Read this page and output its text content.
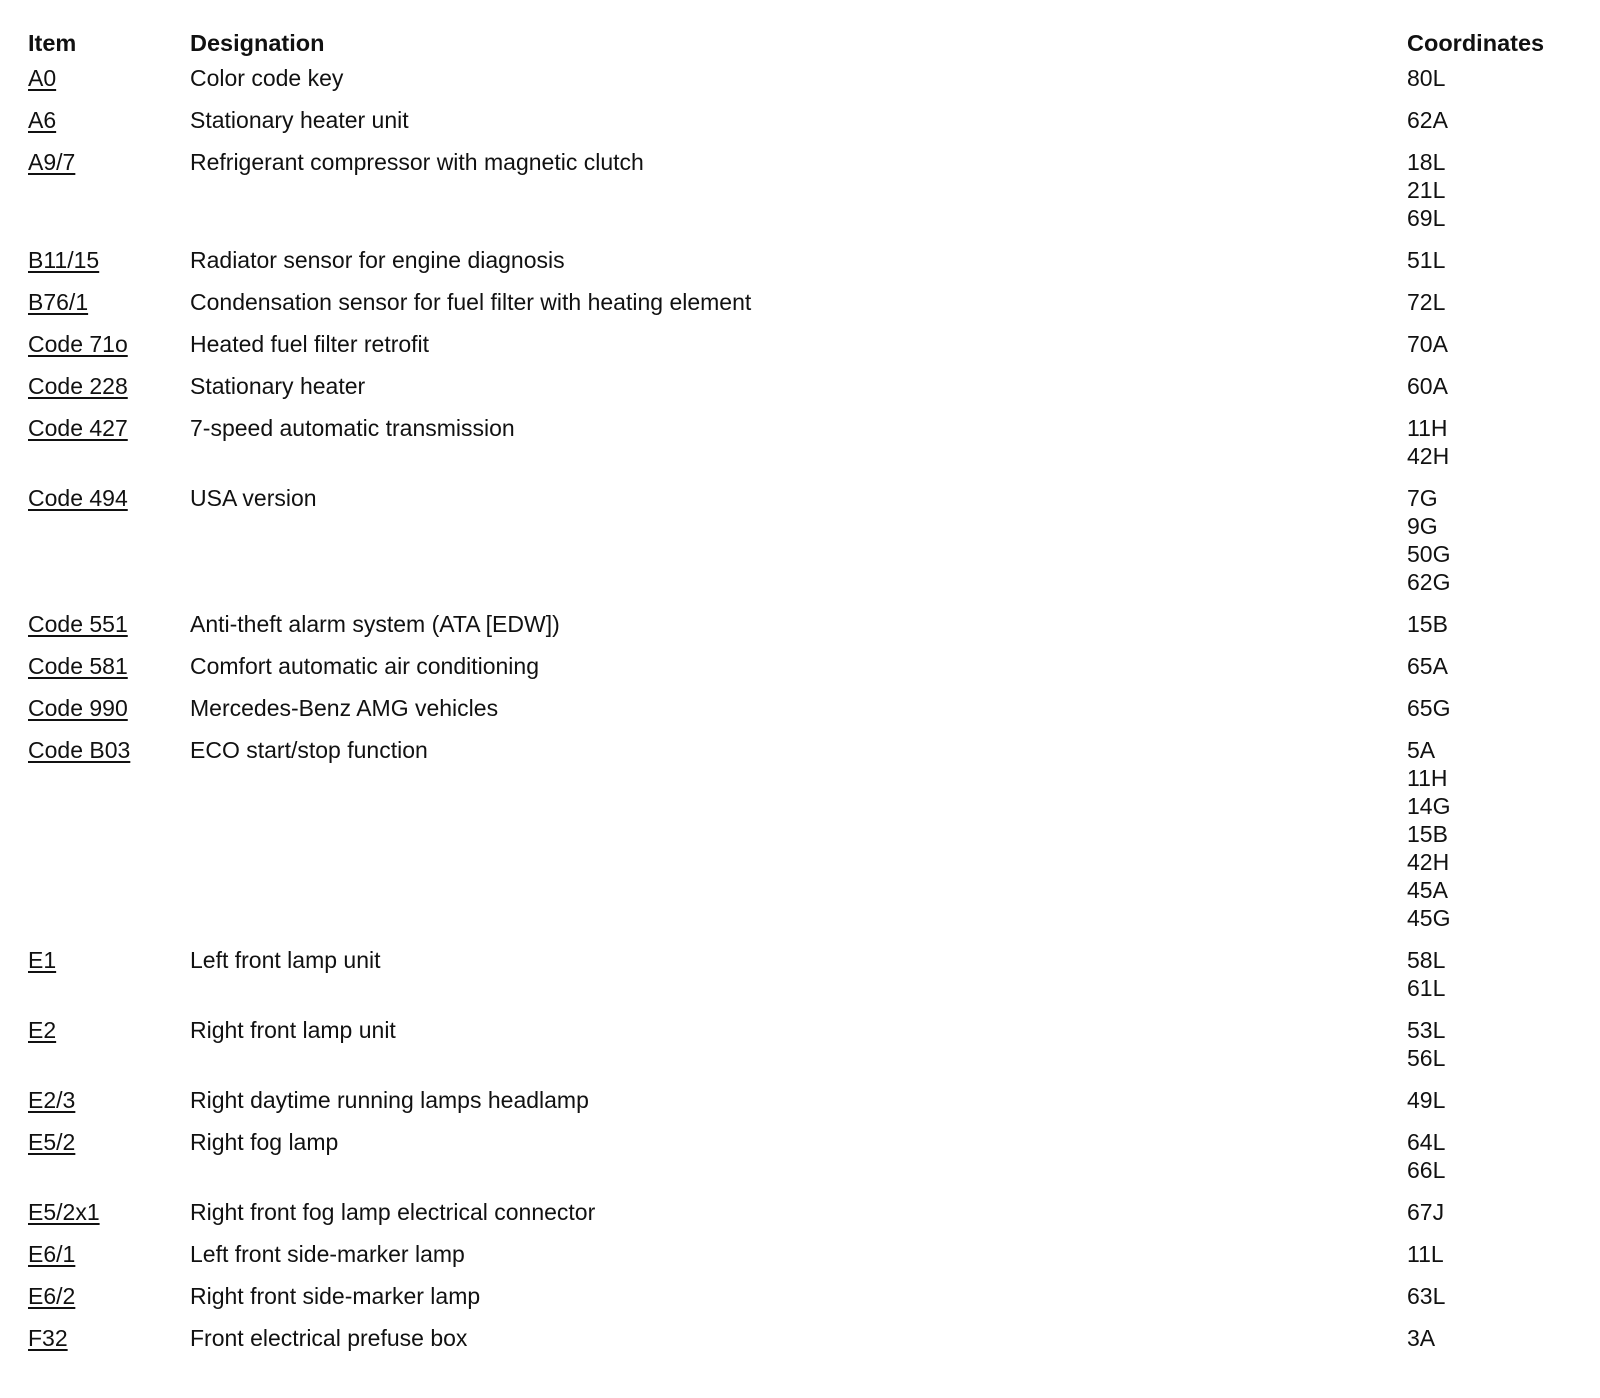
Item	Designation	Coordinates
A0	Color code key	80L
A6	Stationary heater unit	62A
A9/7	Refrigerant compressor with magnetic clutch	18L
21L
69L
B11/15	Radiator sensor for engine diagnosis	51L
B76/1	Condensation sensor for fuel filter with heating element	72L
Code 71o	Heated fuel filter retrofit	70A
Code 228	Stationary heater	60A
Code 427	7-speed automatic transmission	11H
42H
Code 494	USA version	7G
9G
50G
62G
Code 551	Anti-theft alarm system (ATA [EDW])	15B
Code 581	Comfort automatic air conditioning	65A
Code 990	Mercedes-Benz AMG vehicles	65G
Code B03	ECO start/stop function	5A
11H
14G
15B
42H
45A
45G
E1	Left front lamp unit	58L
61L
E2	Right front lamp unit	53L
56L
E2/3	Right daytime running lamps headlamp	49L
E5/2	Right fog lamp	64L
66L
E5/2x1	Right front fog lamp electrical connector	67J
E6/1	Left front side-marker lamp	11L
E6/2	Right front side-marker lamp	63L
F32	Front electrical prefuse box	3A
